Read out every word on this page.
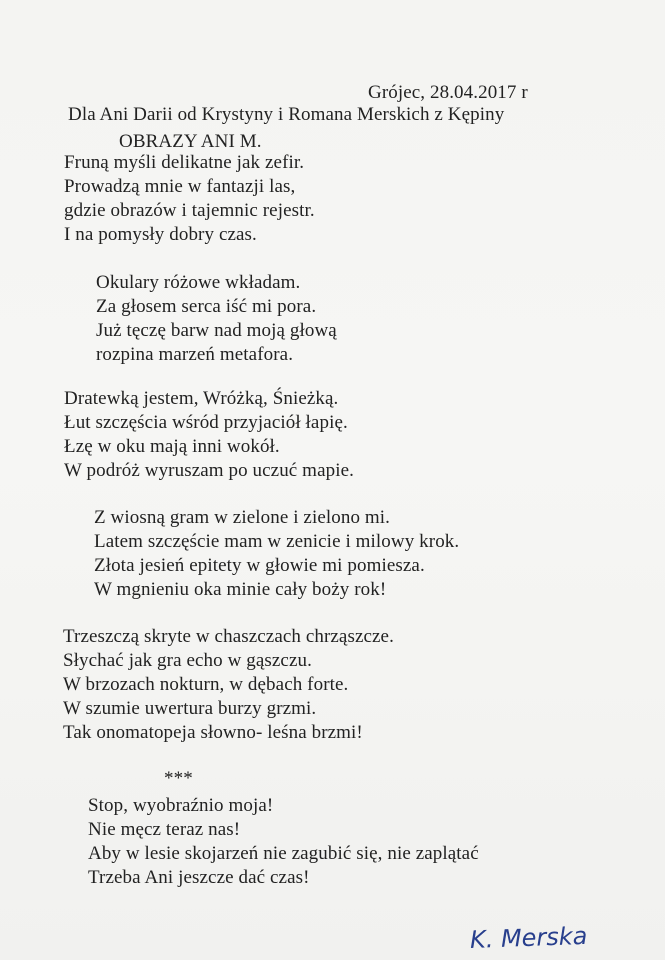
Grójec, 28.04.2017 r
Dla Ani Darii od Krystyny i Romana Merskich z Kępiny
OBRAZY ANI M.
Fruną myśli delikatne jak zefir.
Prowadzą mnie w fantazji las,
gdzie obrazów i tajemnic rejestr.
I na pomysły dobry czas.
Okulary różowe wkładam.
Za głosem serca iść mi pora.
Już tęczę barw nad moją głową
rozpina marzeń metafora.
Dratewką jestem, Wróżką, Śnieżką.
Łut szczęścia wśród przyjaciół łapię.
Łzę w oku mają inni wokół.
W podróż wyruszam po uczuć mapie.
Z wiosną gram w zielone i zielono mi.
Latem szczęście mam w zenicie i milowy krok.
Złota jesień epitety w głowie mi pomiesza.
W mgnieniu oka minie cały boży rok!
Trzeszczą skryte w chaszczach chrząszcze.
Słychać jak gra echo w gąszczu.
W brzozach nokturn, w dębach forte.
W szumie uwertura burzy grzmi.
Tak onomatopeja słowno- leśna brzmi!
***
Stop, wyobraźnio moja!
Nie męcz teraz nas!
Aby w lesie skojarzeń nie zagubić się, nie zaplątać
Trzeba Ani jeszcze dać czas!
K. Merska
